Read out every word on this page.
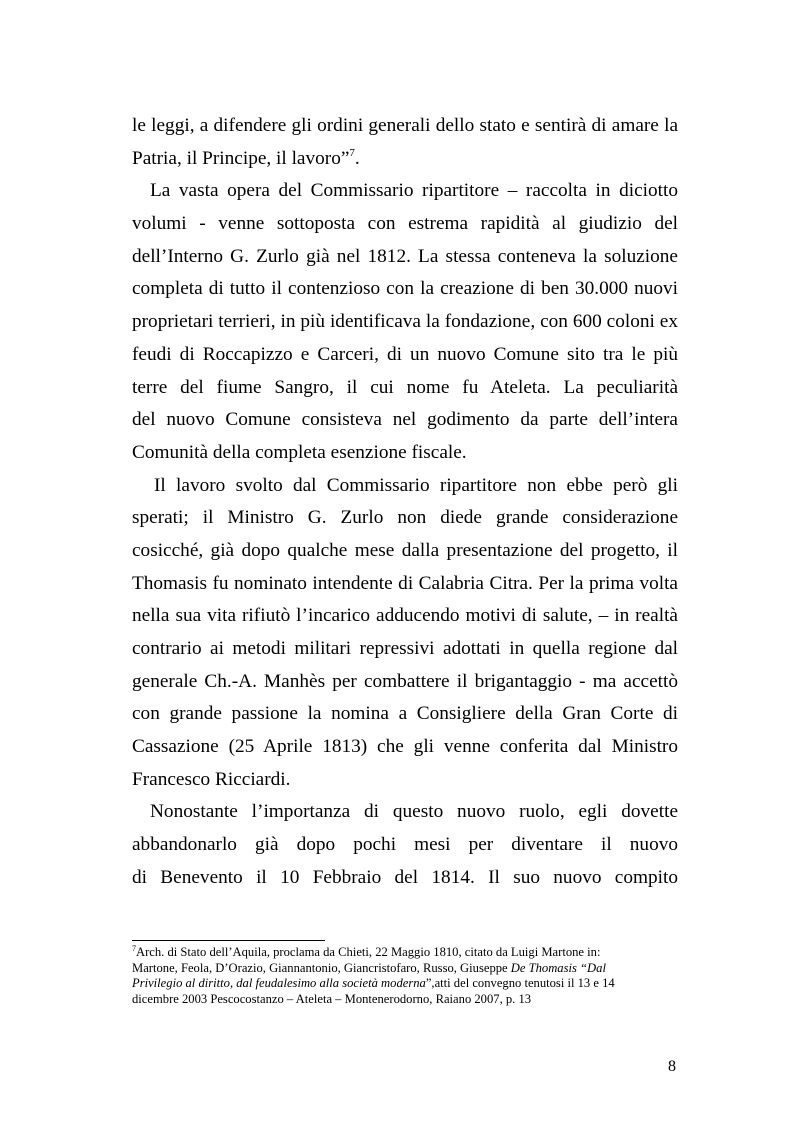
le leggi, a difendere gli ordini generali dello stato e sentirà di amare la
Patria, il Principe, il lavoro”$^7$.
La vasta opera del Commissario ripartitore – raccolta in diciotto
volumi - venne sottoposta con estrema rapidità al giudizio del
dell’Interno G. Zurlo già nel 1812. La stessa conteneva la soluzione
completa di tutto il contenzioso con la creazione di ben 30.000 nuovi
proprietari terrieri, in più identificava la fondazione, con 600 coloni ex
feudi di Roccapizzo e Carceri, di un nuovo Comune sito tra le più
terre del fiume Sangro, il cui nome fu Ateleta. La peculiarità
del nuovo Comune consisteva nel godimento da parte dell’intera
Comunità della completa esenzione fiscale.
Il lavoro svolto dal Commissario ripartitore non ebbe però gli
sperati; il Ministro G. Zurlo non diede grande considerazione
cosicché, già dopo qualche mese dalla presentazione del progetto, il
Thomasis fu nominato intendente di Calabria Citra. Per la prima volta
nella sua vita rifiutò l’incarico adducendo motivi di salute, – in realtà
contrario ai metodi militari repressivi adottati in quella regione dal
generale Ch.-A. Manhès per combattere il brigantaggio - ma accettò
con grande passione la nomina a Consigliere della Gran Corte di
Cassazione (25 Aprile 1813) che gli venne conferita dal Ministro
Francesco Ricciardi.
Nonostante l’importanza di questo nuovo ruolo, egli dovette
abbandonarlo già dopo pochi mesi per diventare il nuovo
di Benevento il 10 Febbraio del 1814. Il suo nuovo compito
$^7$Arch. di Stato dell’Aquila, proclama da Chieti, 22 Maggio 1810, citato da Luigi Martone in:
Martone, Feola, D’Orazio, Giannantonio, Giancristofaro, Russo, Giuseppe De Thomasis “Dal
Privilegio al diritto, dal feudalesimo alla società moderna”,atti del convegno tenutosi il 13 e 14
dicembre 2003 Pescocostanzo – Ateleta – Montenerodorno, Raiano 2007, p. 13
8
